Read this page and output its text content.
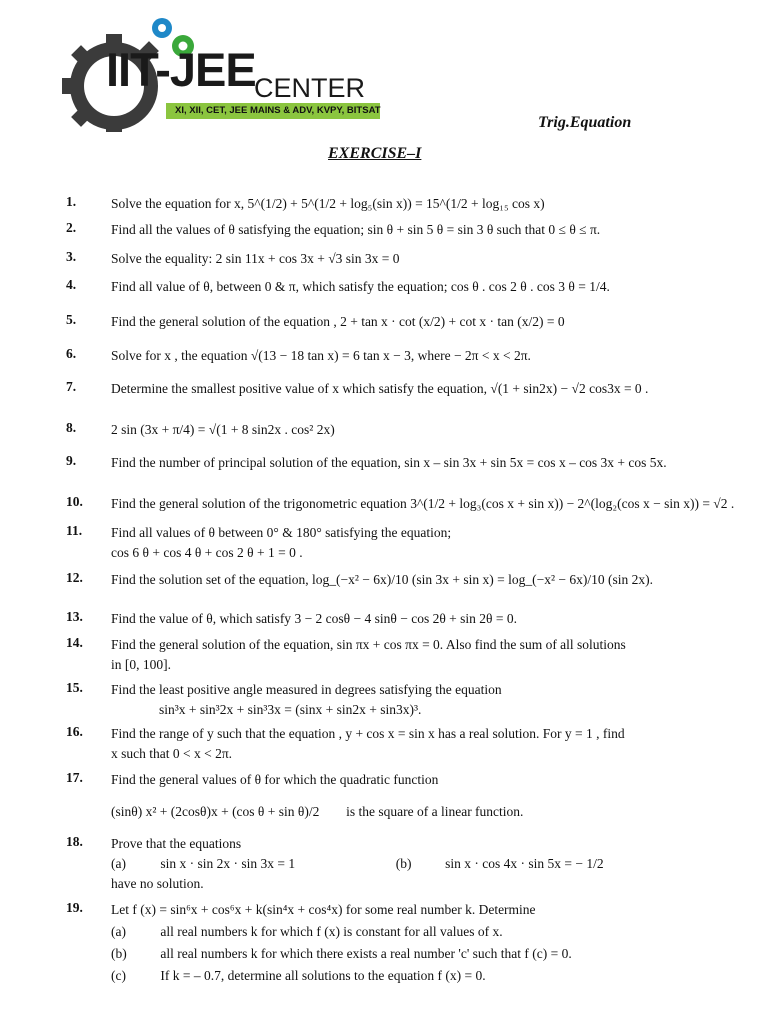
IIT-JEE
CENTER
XI, XII, CET, JEE MAINS & ADV, KVPY, BITSAT
Trig.Equation
EXERCISE–I
1.	Solve the equation for x, 5^(1/2) + 5^(1/2 + log₅(sin x)) = 15^(1/2 + log₁₅ cos x)
2.	Find all the values of θ satisfying the equation; sin θ + sin 5 θ = sin 3 θ such that 0 ≤ θ ≤ π.
3.	Solve the equality: 2 sin 11x + cos 3x + √3 sin 3x = 0
4.	Find all value of θ, between 0 & π, which satisfy the equation; cos θ . cos 2 θ . cos 3 θ = 1/4.
5.	Find the general solution of the equation , 2 + tan x · cot (x/2) + cot x · tan (x/2) = 0
6.	Solve for x , the equation √(13 − 18 tan x) = 6 tan x − 3, where − 2π < x < 2π.
7.	Determine the smallest positive value of x which satisfy the equation, √(1 + sin2x) − √2 cos3x = 0 .
8.	2 sin (3x + π/4) = √(1 + 8 sin2x . cos² 2x)
9.	Find the number of principal solution of the equation, sin x – sin 3x + sin 5x = cos x – cos 3x + cos 5x.
10. Find the general solution of the trigonometric equation 3^(1/2 + log₃(cos x + sin x)) − 2^(log₂(cos x − sin x)) = √2 .
11. Find all values of θ between 0° & 180° satisfying the equation;
cos 6 θ + cos 4 θ + cos 2 θ + 1 = 0 .
12. Find the solution set of the equation, log_(−x² − 6x)/10 (sin 3x + sin x) = log_(−x² − 6x)/10 (sin 2x).
13. Find the value of θ, which satisfy 3 − 2 cosθ − 4 sinθ − cos 2θ + sin 2θ = 0.
14. Find the general solution of the equation, sin πx + cos πx = 0. Also find the sum of all solutions
in [0, 100].
15. Find the least positive angle measured in degrees satisfying the equation
sin³x + sin³2x + sin³3x = (sinx + sin2x + sin3x)³.
16. Find the range of y such that the equation , y + cos x = sin x has a real solution. For y = 1 , find
x such that 0 < x < 2π.
17. Find the general values of θ for which the quadratic function
(sinθ) x² + (2cosθ)x + (cos θ + sin θ)/2 is the square of a linear function.
18. Prove that the equations
(a)	sin x · sin 2x · sin 3x = 1	(b) sin x · cos 4x · sin 5x = − 1/2
have no solution.
19. Let f (x) = sin⁶x + cos⁶x + k(sin⁴x + cos⁴x) for some real number k. Determine
(a)	all real numbers k for which f (x) is constant for all values of x.
(b) all real numbers k for which there exists a real number 'c' such that f (c) = 0.
(c)	If k = – 0.7, determine all solutions to the equation f (x) = 0.
